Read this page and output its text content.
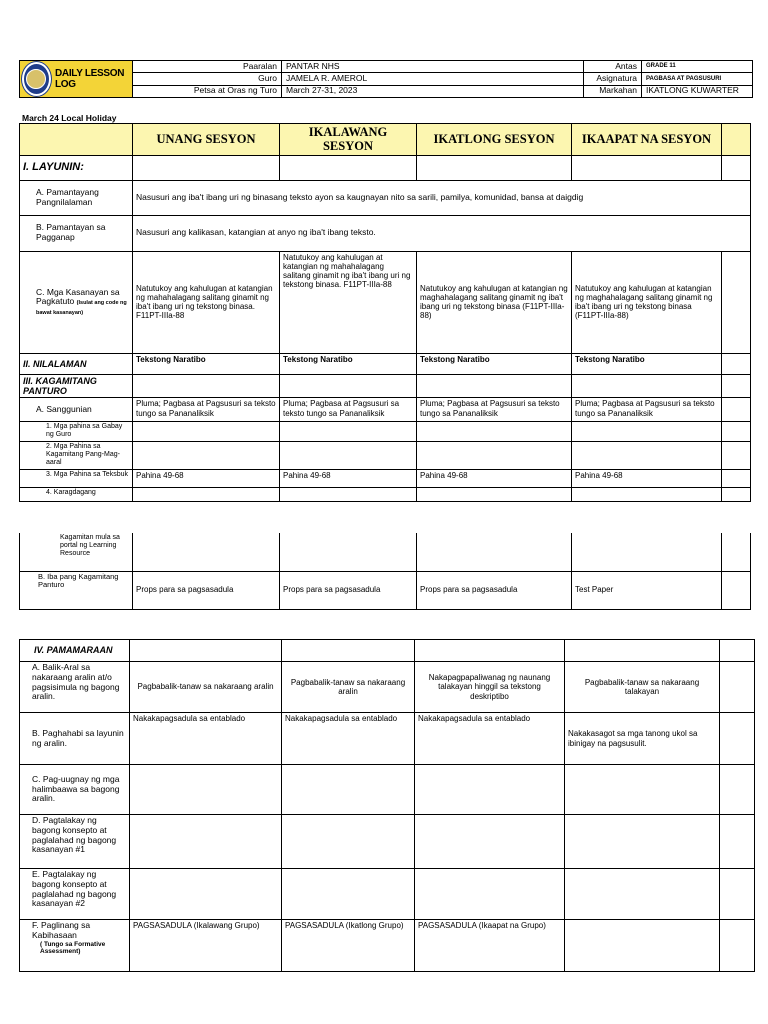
DAILY LESSON LOG	Paaralan	PANTAR NHS	Antas	GRADE 11
	Guro	JAMELA R. AMEROL	Asignatura	PAGBASA AT PAGSUSURI
	Petsa at Oras ng Turo	March 27-31, 2023	Markahan	IKATLONG KUWARTER
March 24 Local Holiday
	UNANG SESYON	IKALAWANG SESYON	IKATLONG SESYON	IKAAPAT NA SESYON	
I. LAYUNIN:					
A. Pamantayang Pangnilalaman	Nasusuri ang iba't ibang uri ng binasang teksto ayon sa kaugnayan nito sa sarili, pamilya, komunidad, bansa at daigdig				
B. Pamantayan sa Pagganap	Nasusuri ang kalikasan, katangian at anyo ng iba't ibang teksto.				
C. Mga Kasanayan sa Pagkatuto (Isulat ang code ng bawat kasanayan)	Natutukoy ang kahulugan at katangian ng mahahalagang salitang ginamit ng iba't ibang uri ng tekstong binasa. F11PT-IIIa-88	Natutukoy ang kahulugan at katangian ng mahahalagang salitang ginamit ng iba't ibang uri ng tekstong binasa. F11PT-IIIa-88	Natutukoy ang kahulugan at katangian ng maghahalagang salitang ginamit ng iba't ibang uri ng tekstong binasa (F11PT-IIIa-88)	Natutukoy ang kahulugan at katangian ng maghahalagang salitang ginamit ng iba't ibang uri ng tekstong binasa (F11PT-IIIa-88)	
II. NILALAMAN	Tekstong Naratibo	Tekstong Naratibo	Tekstong Naratibo	Tekstong Naratibo	
III. KAGAMITANG PANTURO					
A. Sanggunian	Pluma; Pagbasa at Pagsusuri sa teksto tungo sa Pananaliksik	Pluma; Pagbasa at Pagsusuri sa teksto tungo sa Pananaliksik	Pluma; Pagbasa at Pagsusuri sa teksto tungo sa Pananaliksik	Pluma; Pagbasa at Pagsusuri sa teksto tungo sa Pananaliksik	
1. Mga pahina sa Gabay ng Guro					
2. Mga Pahina sa Kagamitang Pang-Mag-aaral					
3. Mga Pahina sa Teksbuk	Pahina 49-68	Pahina 49-68	Pahina 49-68	Pahina 49-68	
4. Karagdagang					
Kagamitan mula sa portal ng Learning Resource					
B. Iba pang Kagamitang Panturo	Props para sa pagsasadula	Props para sa pagsasadula	Props para sa pagsasadula	Test Paper	
IV. PAMAMARAAN					
A. Balik-Aral sa nakaraang aralin at/o pagsisimula ng bagong aralin.	Pagbabalik-tanaw sa nakaraang aralin	Pagbabalik-tanaw sa nakaraang aralin	Nakapagpapaliwanag ng naunang talakayan hinggil sa tekstong deskriptibo	Pagbabalik-tanaw sa nakaraang talakayan	
B. Paghahabi sa layunin ng aralin.	Nakakapagsadula sa entablado	Nakakapagsadula sa entablado	Nakakapagsadula sa entablado	Nakakasagot sa mga tanong ukol sa ibinigay na pagsusulit.	
C. Pag-uugnay ng mga halimbaawa sa bagong aralin.					
D. Pagtalakay ng bagong konsepto at paglalahad ng bagong kasanayan #1					
E. Pagtalakay ng bagong konsepto at paglalahad ng bagong kasanayan #2					

F. Paglinang sa Kabihasaan
( Tungo sa Formative Assessment)	PAGSASADULA (Ikalawang Grupo)	PAGSASADULA (Ikatlong Grupo)	PAGSASADULA (Ikaapat na Grupo)		
